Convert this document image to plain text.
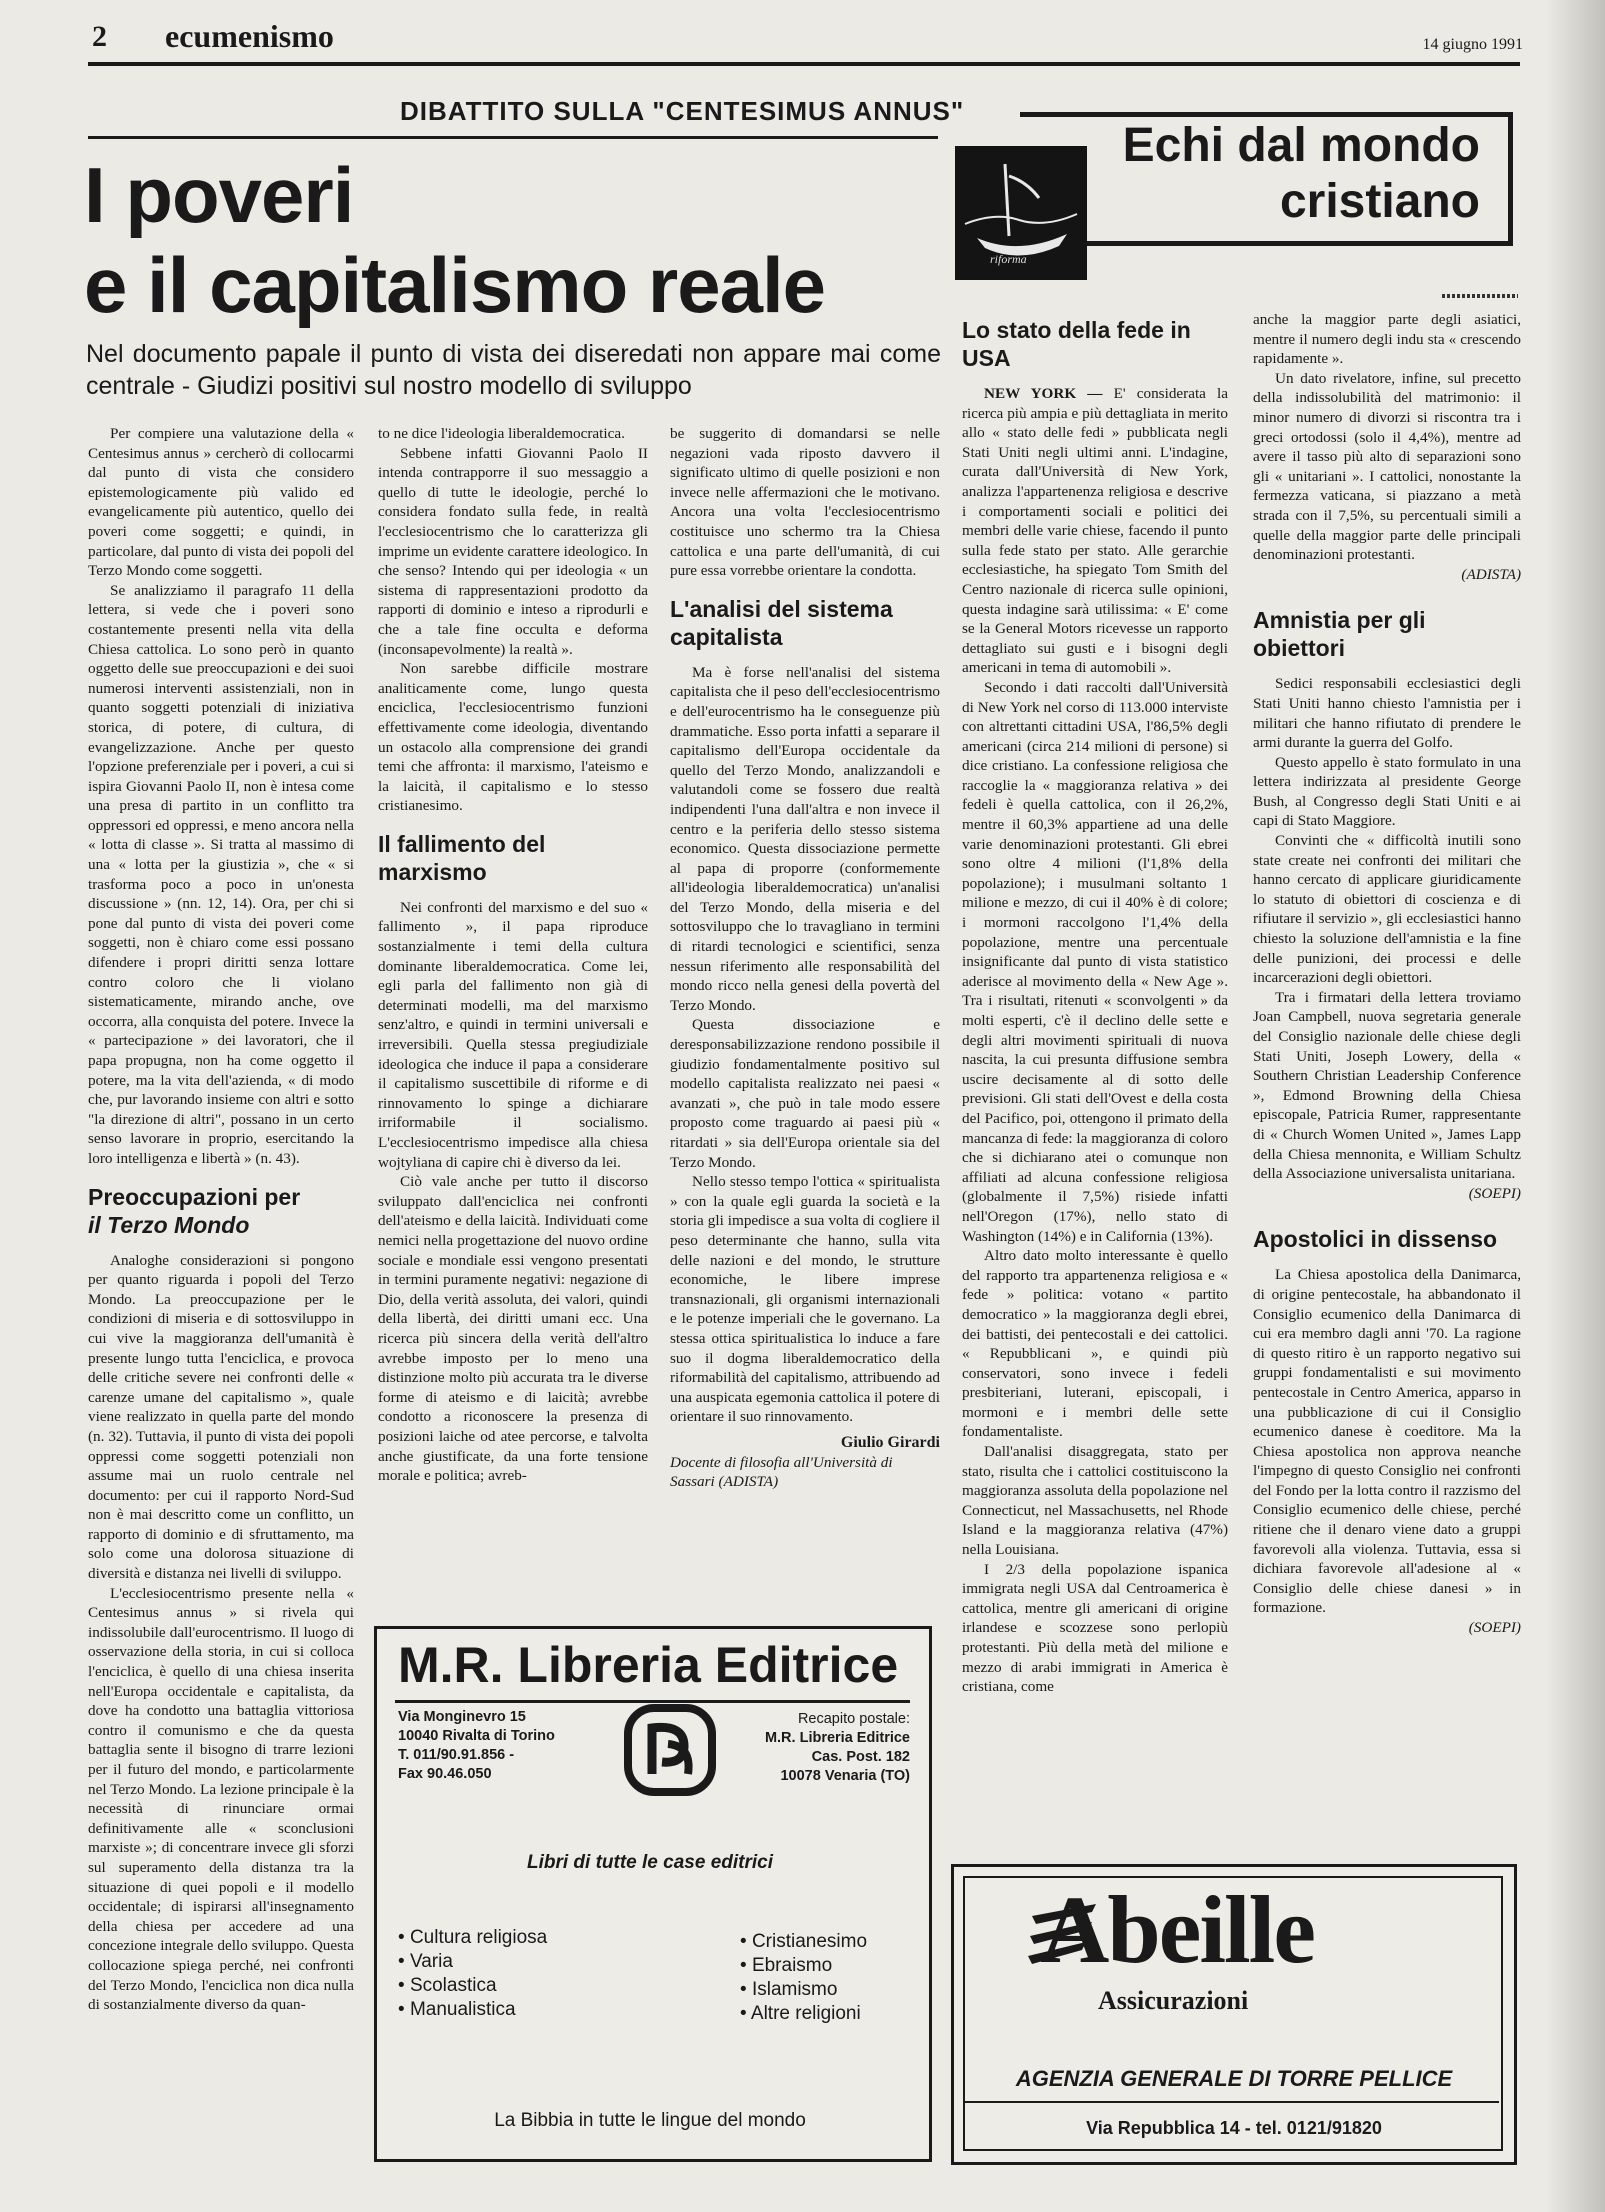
2 ecumenismo	14 giugno 1991
DIBATTITO SULLA "CENTESIMUS ANNUS"
I poveri
e il capitalismo reale
Nel documento papale il punto di vista dei diseredati non appare mai come centrale - Giudizi positivi sul nostro modello di sviluppo

Per compiere una valutazione della « Centesimus annus » cercherò di collocarmi dal punto di vista che considero epistemologicamente più valido ed evangelicamente più autentico, quello dei poveri come soggetti; e quindi, in particolare, dal punto di vista dei popoli del Terzo Mondo come soggetti.

Se analizziamo il paragrafo 11 della lettera, si vede che i poveri sono costantemente presenti nella vita della Chiesa cattolica. Lo sono però in quanto oggetto delle sue preoccupazioni e dei suoi numerosi interventi assistenziali, non in quanto soggetti potenziali di iniziativa storica, di potere, di cultura, di evangelizzazione. Anche per questo l'opzione preferenziale per i poveri, a cui si ispira Giovanni Paolo II, non è intesa come una presa di partito in un conflitto tra oppressori ed oppressi, e meno ancora nella « lotta di classe ». Si tratta al massimo di una « lotta per la giustizia », che « si trasforma poco a poco in un'onesta discussione » (nn. 12, 14). Ora, per chi si pone dal punto di vista dei poveri come soggetti, non è chiaro come essi possano difendere i propri diritti senza lottare contro coloro che li violano sistematicamente, mirando anche, ove occorra, alla conquista del potere. Invece la « partecipazione » dei lavoratori, che il papa propugna, non ha come oggetto il potere, ma la vita dell'azienda, « di modo che, pur lavorando insieme con altri e sotto "la direzione di altri", possano in un certo senso lavorare in proprio, esercitando la loro intelligenza e libertà » (n. 43).

Preoccupazioni per
il Terzo Mondo

Analoghe considerazioni si pongono per quanto riguarda i popoli del Terzo Mondo. La preoccupazione per le condizioni di miseria e di sottosviluppo in cui vive la maggioranza dell'umanità è presente lungo tutta l'enciclica, e provoca delle critiche severe nei confronti delle « carenze umane del capitalismo », quale viene realizzato in quella parte del mondo (n. 32). Tuttavia, il punto di vista dei popoli oppressi come soggetti potenziali non assume mai un ruolo centrale nel documento: per cui il rapporto Nord-Sud non è mai descritto come un conflitto, un rapporto di dominio e di sfruttamento, ma solo come una dolorosa situazione di diversità e distanza nei livelli di sviluppo.

L'ecclesiocentrismo presente nella « Centesimus annus » si rivela qui indissolubile dall'eurocentrismo. Il luogo di osservazione della storia, in cui si colloca l'enciclica, è quello di una chiesa inserita nell'Europa occidentale e capitalista, da dove ha condotto una battaglia vittoriosa contro il comunismo e che da questa battaglia sente il bisogno di trarre lezioni per il futuro del mondo, e particolarmente nel Terzo Mondo. La lezione principale è la necessità di rinunciare ormai definitivamente alle « sconclusioni marxiste »; di concentrare invece gli sforzi sul superamento della distanza tra la situazione di quei popoli e il modello occidentale; di ispirarsi all'insegnamento della chiesa per accedere ad una concezione integrale dello sviluppo. Questa collocazione spiega perché, nei confronti del Terzo Mondo, l'enciclica non dica nulla di sostanzialmente diverso da quan-

to ne dice l'ideologia liberaldemocratica.

Sebbene infatti Giovanni Paolo II intenda contrapporre il suo messaggio a quello di tutte le ideologie, perché lo considera fondato sulla fede, in realtà l'ecclesiocentrismo che lo caratterizza gli imprime un evidente carattere ideologico. In che senso? Intendo qui per ideologia « un sistema di rappresentazioni prodotto da rapporti di dominio e inteso a riprodurli e che a tale fine occulta e deforma (inconsapevolmente) la realtà ».

Non sarebbe difficile mostrare analiticamente come, lungo questa enciclica, l'ecclesiocentrismo funzioni effettivamente come ideologia, diventando un ostacolo alla comprensione dei grandi temi che affronta: il marxismo, l'ateismo e la laicità, il capitalismo e lo stesso cristianesimo.

Il fallimento del marxismo

Nei confronti del marxismo e del suo « fallimento », il papa riproduce sostanzialmente i temi della cultura dominante liberaldemocratica. Come lei, egli parla del fallimento non già di determinati modelli, ma del marxismo senz'altro, e quindi in termini universali e irreversibili. Quella stessa pregiudiziale ideologica che induce il papa a considerare il capitalismo suscettibile di riforme e di rinnovamento lo spinge a dichiarare irriformabile il socialismo. L'ecclesiocentrismo impedisce alla chiesa wojtyliana di capire chi è diverso da lei.

Ciò vale anche per tutto il discorso sviluppato dall'enciclica nei confronti dell'ateismo e della laicità. Individuati come nemici nella progettazione del nuovo ordine sociale e mondiale essi vengono presentati in termini puramente negativi: negazione di Dio, della verità assoluta, dei valori, quindi della libertà, dei diritti umani ecc. Una ricerca più sincera della verità dell'altro avrebbe imposto per lo meno una distinzione molto più accurata tra le diverse forme di ateismo e di laicità; avrebbe condotto a riconoscere la presenza di posizioni laiche od atee percorse, e talvolta anche giustificate, da una forte tensione morale e politica; avreb-

be suggerito di domandarsi se nelle negazioni vada riposto davvero il significato ultimo di quelle posizioni e non invece nelle affermazioni che le motivano. Ancora una volta l'ecclesiocentrismo costituisce uno schermo tra la Chiesa cattolica e una parte dell'umanità, di cui pure essa vorrebbe orientare la condotta.

L'analisi del sistema capitalista

Ma è forse nell'analisi del sistema capitalista che il peso dell'ecclesiocentrismo e dell'eurocentrismo ha le conseguenze più drammatiche. Esso porta infatti a separare il capitalismo dell'Europa occidentale da quello del Terzo Mondo, analizzandoli e valutandoli come se fossero due realtà indipendenti l'una dall'altra e non invece il centro e la periferia dello stesso sistema economico. Questa dissociazione permette al papa di proporre (conformemente all'ideologia liberaldemocratica) un'analisi del Terzo Mondo, della miseria e del sottosviluppo che lo travagliano in termini di ritardi tecnologici e scientifici, senza nessun riferimento alle responsabilità del mondo ricco nella genesi della povertà del Terzo Mondo.

Questa dissociazione e deresponsabilizzazione rendono possibile il giudizio fondamentalmente positivo sul modello capitalista realizzato nei paesi « avanzati », che può in tale modo essere proposto come traguardo ai paesi più « ritardati » sia dell'Europa orientale sia del Terzo Mondo.

Nello stesso tempo l'ottica « spiritualista » con la quale egli guarda la società e la storia gli impedisce a sua volta di cogliere il peso determinante che hanno, sulla vita delle nazioni e del mondo, le strutture economiche, le libere imprese transnazionali, gli organismi internazionali e le potenze imperiali che le governano. La stessa ottica spiritualistica lo induce a fare suo il dogma liberaldemocratico della riformabilità del capitalismo, attribuendo ad una auspicata egemonia cattolica il potere di orientare il suo rinnovamento.

Giulio Girardi

Docente di filosofia all'Università di Sassari (ADISTA)

Echi dal mondo
cristiano
riforma
Lo stato della fede in USA

NEW YORK — E' considerata la ricerca più ampia e più dettagliata in merito allo « stato delle fedi » pubblicata negli Stati Uniti negli ultimi anni. L'indagine, curata dall'Università di New York, analizza l'appartenenza religiosa e descrive i comportamenti sociali e politici dei membri delle varie chiese, facendo il punto sulla fede stato per stato. Alle gerarchie ecclesiastiche, ha spiegato Tom Smith del Centro nazionale di ricerca sulle opinioni, questa indagine sarà utilissima: « E' come se la General Motors ricevesse un rapporto dettagliato sui gusti e i bisogni degli americani in tema di automobili ».

Secondo i dati raccolti dall'Università di New York nel corso di 113.000 interviste con altrettanti cittadini USA, l'86,5% degli americani (circa 214 milioni di persone) si dice cristiano. La confessione religiosa che raccoglie la « maggioranza relativa » dei fedeli è quella cattolica, con il 26,2%, mentre il 60,3% appartiene ad una delle varie denominazioni protestanti. Gli ebrei sono oltre 4 milioni (l'1,8% della popolazione); i musulmani soltanto 1 milione e mezzo, di cui il 40% è di colore; i mormoni raccolgono l'1,4% della popolazione, mentre una percentuale insignificante dal punto di vista statistico aderisce al movimento della « New Age ». Tra i risultati, ritenuti « sconvolgenti » da molti esperti, c'è il declino delle sette e degli altri movimenti spirituali di nuova nascita, la cui presunta diffusione sembra uscire decisamente al di sotto delle previsioni. Gli stati dell'Ovest e della costa del Pacifico, poi, ottengono il primato della mancanza di fede: la maggioranza di coloro che si dichiarano atei o comunque non affiliati ad alcuna confessione religiosa (globalmente il 7,5%) risiede infatti nell'Oregon (17%), nello stato di Washington (14%) e in California (13%).

Altro dato molto interessante è quello del rapporto tra appartenenza religiosa e « fede » politica: votano « partito democratico » la maggioranza degli ebrei, dei battisti, dei pentecostali e dei cattolici. « Repubblicani », e quindi più conservatori, sono invece i fedeli presbiteriani, luterani, episcopali, i mormoni e i membri delle sette fondamentaliste.

Dall'analisi disaggregata, stato per stato, risulta che i cattolici costituiscono la maggioranza assoluta della popolazione nel Connecticut, nel Massachusetts, nel Rhode Island e la maggioranza relativa (47%) nella Louisiana.

I 2/3 della popolazione ispanica immigrata negli USA dal Centroamerica è cattolica, mentre gli americani di origine irlandese e scozzese sono perlopiù protestanti. Più della metà del milione e mezzo di arabi immigrati in America è cristiana, come

anche la maggior parte degli asiatici, mentre il numero degli indu sta « crescendo rapidamente ».

Un dato rivelatore, infine, sul precetto della indissolubilità del matrimonio: il minor numero di divorzi si riscontra tra i greci ortodossi (solo il 4,4%), mentre ad avere il tasso più alto di separazioni sono gli « unitariani ». I cattolici, nonostante la fermezza vaticana, si piazzano a metà strada con il 7,5%, su percentuali simili a quelle della maggior parte delle principali denominazioni protestanti.

(ADISTA)

Amnistia per gli obiettori

Sedici responsabili ecclesiastici degli Stati Uniti hanno chiesto l'amnistia per i militari che hanno rifiutato di prendere le armi durante la guerra del Golfo.

Questo appello è stato formulato in una lettera indirizzata al presidente George Bush, al Congresso degli Stati Uniti e ai capi di Stato Maggiore.

Convinti che « difficoltà inutili sono state create nei confronti dei militari che hanno cercato di applicare giuridicamente lo statuto di obiettori di coscienza e di rifiutare il servizio », gli ecclesiastici hanno chiesto la soluzione dell'amnistia e la fine delle punizioni, dei processi e delle incarcerazioni degli obiettori.

Tra i firmatari della lettera troviamo Joan Campbell, nuova segretaria generale del Consiglio nazionale delle chiese degli Stati Uniti, Joseph Lowery, della « Southern Christian Leadership Conference », Edmond Browning della Chiesa episcopale, Patricia Rumer, rappresentante di « Church Women United », James Lapp della Chiesa mennonita, e William Schultz della Associazione universalista unitariana.

(SOEPI)

Apostolici in dissenso

La Chiesa apostolica della Danimarca, di origine pentecostale, ha abbandonato il Consiglio ecumenico della Danimarca di cui era membro dagli anni '70. La ragione di questo ritiro è un rapporto negativo sui gruppi fondamentalisti e sui movimento pentecostale in Centro America, apparso in una pubblicazione di cui il Consiglio ecumenico danese è coeditore. Ma la Chiesa apostolica non approva neanche l'impegno di questo Consiglio nei confronti del Fondo per la lotta contro il razzismo del Consiglio ecumenico delle chiese, perché ritiene che il denaro viene dato a gruppi favorevoli alla violenza. Tuttavia, essa si dichiara favorevole all'adesione al « Consiglio delle chiese danesi » in formazione.

(SOEPI)

M.R. Libreria Editrice
Via Monginevro 15
10040 Rivalta di Torino
T. 011/90.91.856 -
Fax 90.46.050
Recapito postale:
M.R. Libreria Editrice
Cas. Post. 182
10078 Venaria (TO)
Libri di tutte le case editrici
• Cultura religiosa
• Varia
• Scolastica
• Manualistica
• Cristianesimo
• Ebraismo
• Islamismo
• Altre religioni
La Bibbia in tutte le lingue del mondo
Abeille
Assicurazioni
AGENZIA GENERALE DI TORRE PELLICE
Via Repubblica 14 - tel. 0121/91820
